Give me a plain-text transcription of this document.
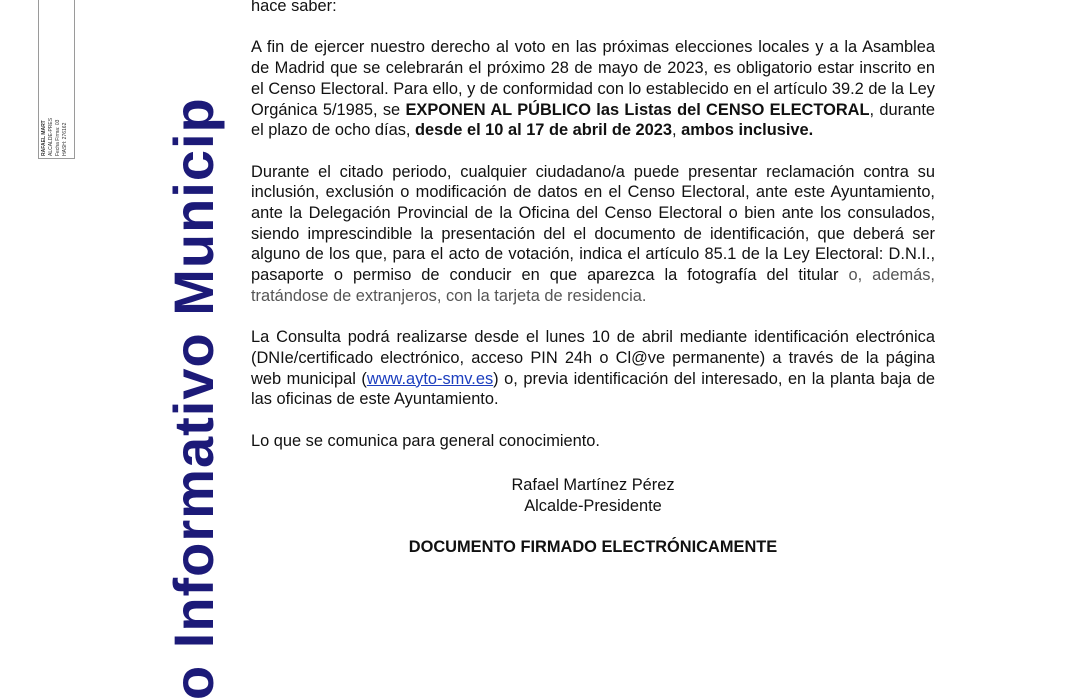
RAFAEL MART ALCALDE-PRES Fecha Firma: 03 HASH: 276162 o Informativo Municip

hace saber:

A fin de ejercer nuestro derecho al voto en las próximas elecciones locales y a la Asamblea de Madrid que se celebrarán el próximo 28 de mayo de 2023, es obligatorio estar inscrito en el Censo Electoral. Para ello, y de conformidad con lo establecido en el artículo 39.2 de la Ley Orgánica 5/1985, se EXPONEN AL PÚBLICO las Listas del CENSO ELECTORAL, durante el plazo de ocho días, desde el 10 al 17 de abril de 2023, ambos inclusive.

Durante el citado periodo, cualquier ciudadano/a puede presentar reclamación contra su inclusión, exclusión o modificación de datos en el Censo Electoral, ante este Ayuntamiento, ante la Delegación Provincial de la Oficina del Censo Electoral o bien ante los consulados, siendo imprescindible la presentación del el documento de identificación, que deberá ser alguno de los que, para el acto de votación, indica el artículo 85.1 de la Ley Electoral: D.N.I., pasaporte o permiso de conducir en que aparezca la fotografía del titular o, además, tratándose de extranjeros, con la tarjeta de residencia.

La Consulta podrá realizarse desde el lunes 10 de abril mediante identificación electrónica (DNIe/certificado electrónico, acceso PIN 24h o Cl@ve permanente) a través de la página web municipal (www.ayto-smv.es) o, previa identificación del interesado, en la planta baja de las oficinas de este Ayuntamiento.

Lo que se comunica para general conocimiento.

Rafael Martínez Pérez
Alcalde-Presidente
DOCUMENTO FIRMADO ELECTRÓNICAMENTE
